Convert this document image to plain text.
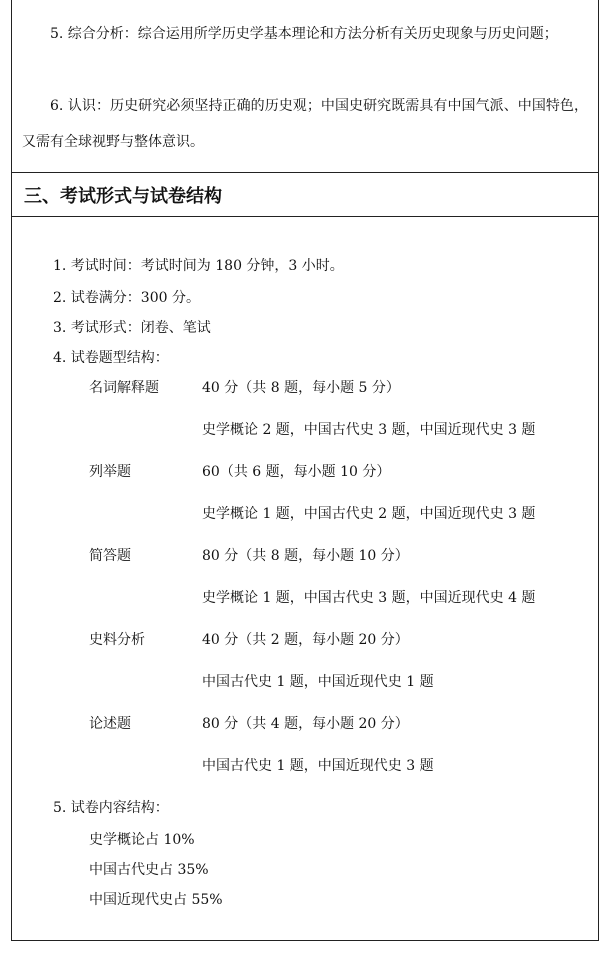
5. 综合分析：综合运用所学历史学基本理论和方法分析有关历史现象与历史问题；

6. 认识：历史研究必须坚持正确的历史观；中国史研究既需具有中国气派、中国特色，又需有全球视野与整体意识。

三、考试形式与试卷结构
1. 考试时间：考试时间为 180 分钟，3 小时。
2. 试卷满分：300 分。
3. 考试形式：闭卷、笔试
4. 试卷题型结构：
名词解释题	40 分（共 8 题，每小题 5 分）
史学概论 2 题，中国古代史 3 题，中国近现代史 3 题
列举题	60（共 6 题，每小题 10 分）
史学概论 1 题，中国古代史 2 题，中国近现代史 3 题
简答题	80 分（共 8 题，每小题 10 分）
史学概论 1 题，中国古代史 3 题，中国近现代史 4 题
史料分析	40 分（共 2 题，每小题 20 分）
中国古代史 1 题，中国近现代史 1 题
论述题	80 分（共 4 题，每小题 20 分）
中国古代史 1 题，中国近现代史 3 题
5. 试卷内容结构：
史学概论占 10%
中国古代史占 35%
中国近现代史占 55%
